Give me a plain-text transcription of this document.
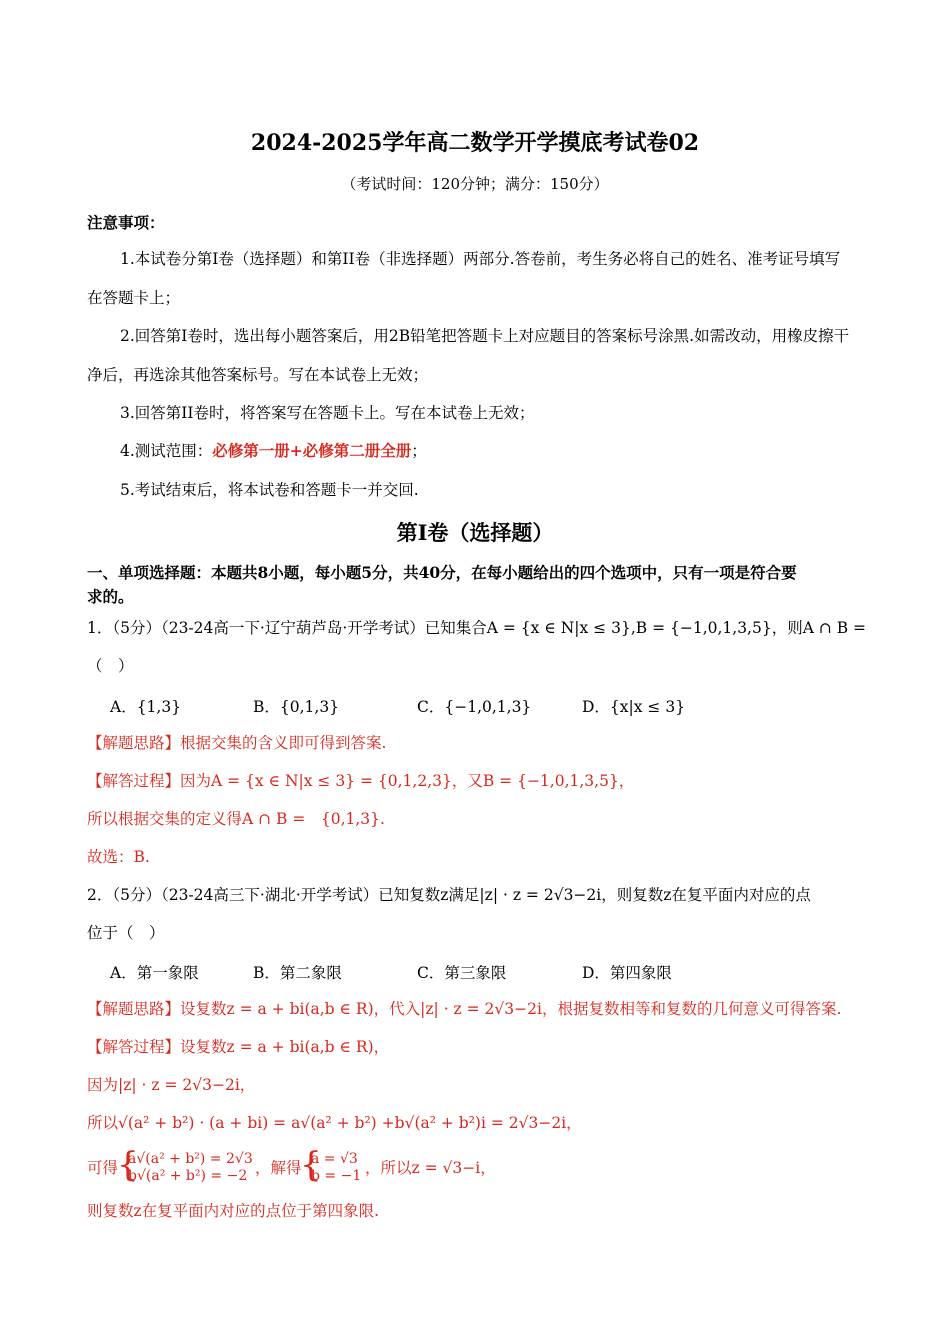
2024-2025学年高二数学开学摸底考试卷02
（考试时间：120分钟；满分：150分）
注意事项：
1.本试卷分第I卷（选择题）和第II卷（非选择题）两部分.答卷前，考生务必将自己的姓名、准考证号填写
在答题卡上；
2.回答第I卷时，选出每小题答案后，用2B铅笔把答题卡上对应题目的答案标号涂黑.如需改动，用橡皮擦干
净后，再选涂其他答案标号。写在本试卷上无效；
3.回答第II卷时，将答案写在答题卡上。写在本试卷上无效；
4.测试范围：必修第一册+必修第二册全册；
5.考试结束后，将本试卷和答题卡一并交回.
第I卷（选择题）
一、单项选择题：本题共8小题，每小题5分，共40分，在每小题给出的四个选项中，只有一项是符合要
求的。
1．（5分）（23-24高一下·辽宁葫芦岛·开学考试）已知集合A = {x ∈ N|x ≤ 3},B = {−1,0,1,3,5}，则A ∩ B =
（　）
A．{1,3}	B．{0,1,3}	C．{−1,0,1,3}	D．{x|x ≤ 3}
【解题思路】根据交集的含义即可得到答案.
【解答过程】因为A = {x ∈ N|x ≤ 3} = {0,1,2,3}，又B = {−1,0,1,3,5}，
所以根据交集的定义得A ∩ B =　{0,1,3}.
故选：B.
2．（5分）（23-24高三下·湖北·开学考试）已知复数z满足|z| · z = 2√3−2i，则复数z在复平面内对应的点
位于（　）
A．第一象限	B．第二象限	C．第三象限	D．第四象限
【解题思路】设复数z = a + bi(a,b ∈ R)，代入|z| · z = 2√3−2i，根据复数相等和复数的几何意义可得答案.
【解答过程】设复数z = a + bi(a,b ∈ R)，
因为|z| · z = 2√3−2i，
所以√(a² + b²) · (a + bi) = a√(a² + b²) +b√(a² + b²)i = 2√3−2i，
可得
{
a√(a² + b²) = 2√3
b√(a² + b²) = −2 ，解得
{
a = √3
b = −1 ，所以z = √3−i，
则复数z在复平面内对应的点位于第四象限.
